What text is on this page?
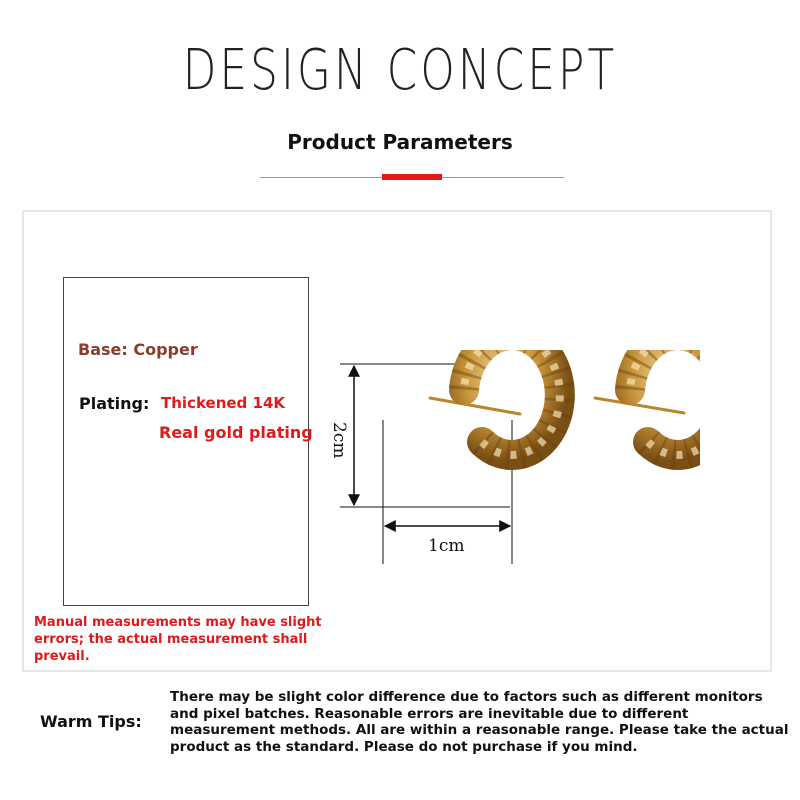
DESIGN CONCEPT
Product Parameters
Base: Copper
Plating: Thickened 14K
Real gold plating
Manual measurements may have slight errors; the actual measurement shall prevail.
2cm
1cm
Warm Tips:
There may be slight color difference due to factors such as different monitors and pixel batches. Reasonable errors are inevitable due to different measurement methods. All are within a reasonable range. Please take the actual product as the standard. Please do not purchase if you mind.
